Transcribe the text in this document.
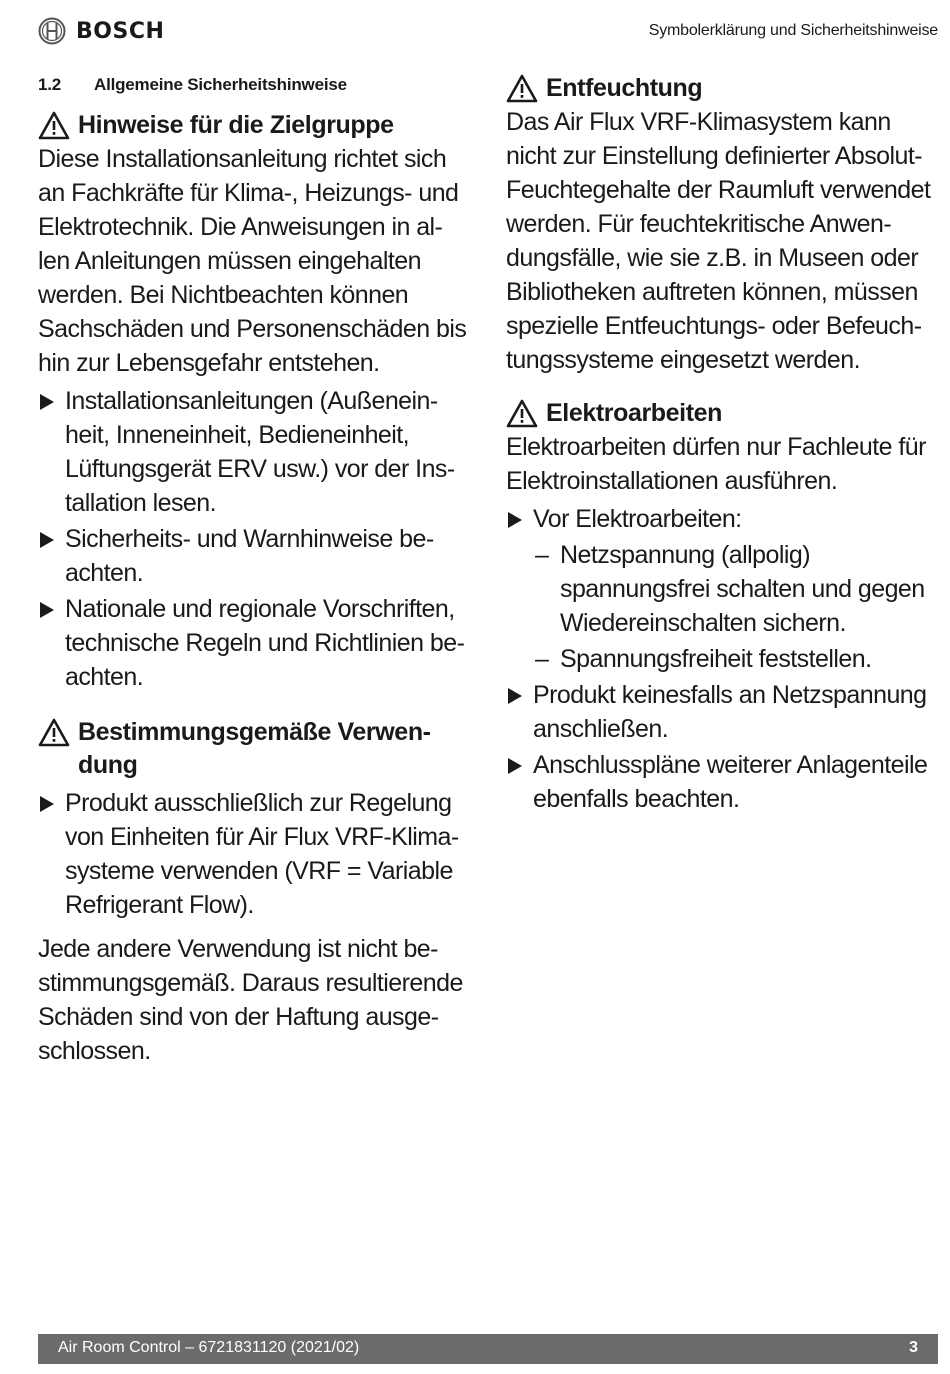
BOSCH	Symbolerklärung und Sicherheitshinweise
1.2	Allgemeine Sicherheitshinweise
Hinweise für die Zielgruppe

Diese Installationsanleitung richtet sich
an Fachkräfte für Klima-, Heizungs- und
Elektrotechnik. Die Anweisungen in al-
len Anleitungen müssen eingehalten
werden. Bei Nichtbeachten können
Sachschäden und Personenschäden bis
hin zur Lebensgefahr entstehen.

Installationsanleitungen (Außenein-
heit, Inneneinheit, Bedieneinheit,
Lüftungsgerät ERV usw.) vor der Ins-
tallation lesen.
Sicherheits- und Warnhinweise be-
achten.
Nationale und regionale Vorschriften,
technische Regeln und Richtlinien be-
achten.
Bestimmungsgemäße Verwen-
dung
Produkt ausschließlich zur Regelung
von Einheiten für Air Flux VRF-Klima-
systeme verwenden (VRF = Variable
Refrigerant Flow).

Jede andere Verwendung ist nicht be-
stimmungsgemäß. Daraus resultierende
Schäden sind von der Haftung ausge-
schlossen.

Entfeuchtung

Das Air Flux VRF-Klimasystem kann
nicht zur Einstellung definierter Absolut-
Feuchtegehalte der Raumluft verwendet
werden. Für feuchtekritische Anwen-
dungsfälle, wie sie z.B. in Museen oder
Bibliotheken auftreten können, müssen
spezielle Entfeuchtungs- oder Befeuch-
tungssysteme eingesetzt werden.

Elektroarbeiten

Elektroarbeiten dürfen nur Fachleute für
Elektroinstallationen ausführen.

Vor Elektroarbeiten:
– Netzspannung (allpolig)
spannungsfrei schalten und gegen
Wiedereinschalten sichern.
– Spannungsfreiheit feststellen.
Produkt keinesfalls an Netzspannung
anschließen.
Anschlusspläne weiterer Anlagenteile
ebenfalls beachten.
Air Room Control – 6721831120 (2021/02)	3
